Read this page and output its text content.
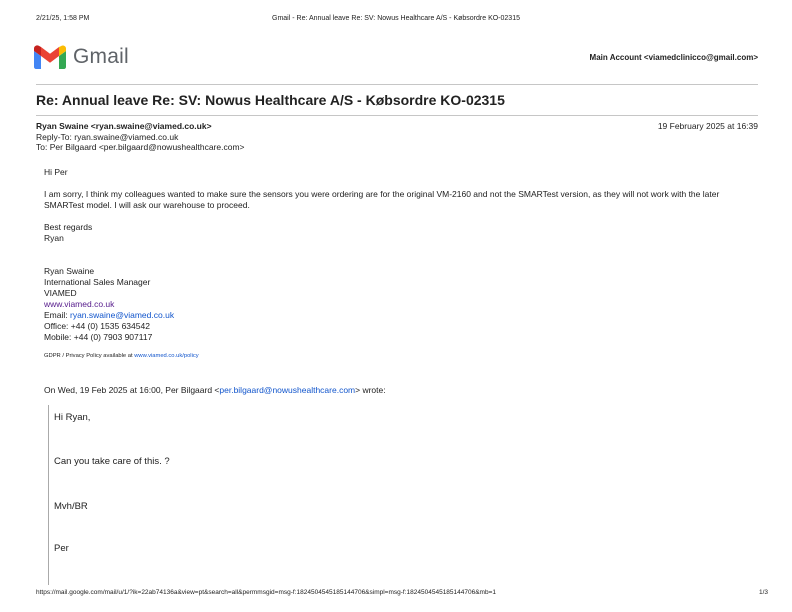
2/21/25, 1:58 PM	Gmail - Re: Annual leave Re: SV: Nowus Healthcare A/S - Købsordre KO-02315
Gmail	Main Account <viamedclinicco@gmail.com>
Re: Annual leave Re: SV: Nowus Healthcare A/S - Købsordre KO-02315
Ryan Swaine <ryan.swaine@viamed.co.uk>
Reply-To: ryan.swaine@viamed.co.uk
To: Per Bilgaard <per.bilgaard@nowushealthcare.com>
19 February 2025 at 16:39

Hi Per

I am sorry, I think my colleagues wanted to make sure the sensors you were ordering are for the original VM-2160 and not the SMARTest version, as they will not work with the later SMARTest model. I will ask our warehouse to proceed.

Best regards

Ryan

Ryan Swaine

International Sales Manager

VIAMED

www.viamed.co.uk

Email: ryan.swaine@viamed.co.uk

Office: +44 (0) 1535 634542

Mobile: +44 (0) 7903 907117

GDPR / Privacy Policy available at www.viamed.co.uk/policy

On Wed, 19 Feb 2025 at 16:00, Per Bilgaard <per.bilgaard@nowushealthcare.com> wrote:

Hi Ryan,
Can you take care of this. ?
Mvh/BR
Per
https://mail.google.com/mail/u/1/?ik=22ab74136a&view=pt&search=all&permmsgid=msg-f:1824504545185144706&simpl=msg-f:1824504545185144706&mb=1	1/3
